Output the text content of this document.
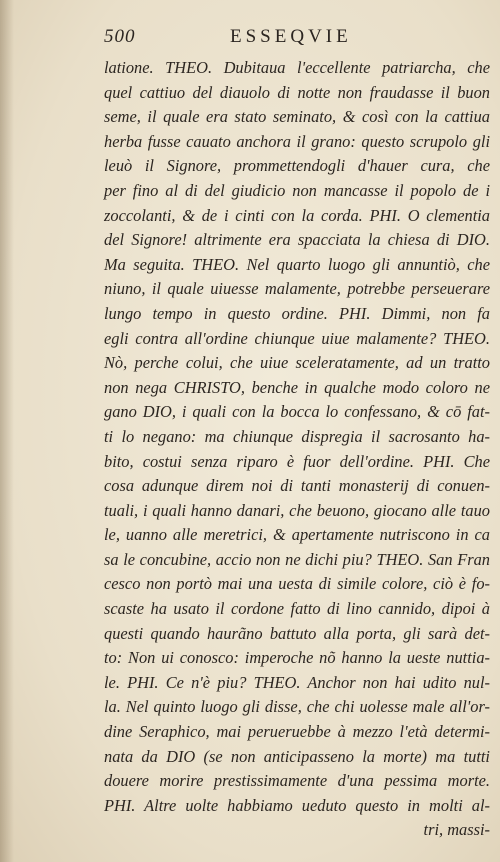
500	ESSEQVIE
latione. THEO. Dubitaua l'eccellente patriarcha, che
quel cattiuo del diauolo di notte non fraudasse il buon
seme, il quale era stato seminato, & così con la cattiua
herba fusse cauato anchora il grano: questo scrupolo gli
leuò il Signore, prommettendogli d'hauer cura, che
per fino al di del giudicio non mancasse il popolo de i
zoccolanti, & de i cinti con la corda. PHI. O clementia
del Signore! altrimente era spacciata la chiesa di DIO.
Ma seguita. THEO. Nel quarto luogo gli annuntiò, che
niuno, il quale uiuesse malamente, potrebbe perseuerare
lungo tempo in questo ordine. PHI. Dimmi, non fa
egli contra all'ordine chiunque uiue malamente? THEO.
Nò, perche colui, che uiue sceleratamente, ad un tratto
non nega CHRISTO, benche in qualche modo coloro ne
gano DIO, i quali con la bocca lo confessano, & cō fat-
ti lo negano: ma chiunque dispregia il sacrosanto ha-
bito, costui senza riparo è fuor dell'ordine. PHI. Che
cosa adunque direm noi di tanti monasterij di conuen-
tuali, i quali hanno danari, che beuono, giocano alle tauo
le, uanno alle meretrici, & apertamente nutriscono in ca
sa le concubine, accio non ne dichi piu? THEO. San Fran
cesco non portò mai una uesta di simile colore, ciò è fo-
scaste ha usato il cordone fatto di lino cannido, dipoi à
questi quando haurãno battuto alla porta, gli sarà det-
to: Non ui conosco: imperoche nõ hanno la ueste nuttia-
le. PHI. Ce n'è piu? THEO. Anchor non hai udito nul-
la. Nel quinto luogo gli disse, che chi uolesse male all'or-
dine Seraphico, mai perueruebbe à mezzo l'età determi-
nata da DIO (se non anticipasseno la morte) ma tutti
douere morire prestissimamente d'una pessima morte.
PHI. Altre uolte habbiamo ueduto questo in molti al-
tri, massi-
